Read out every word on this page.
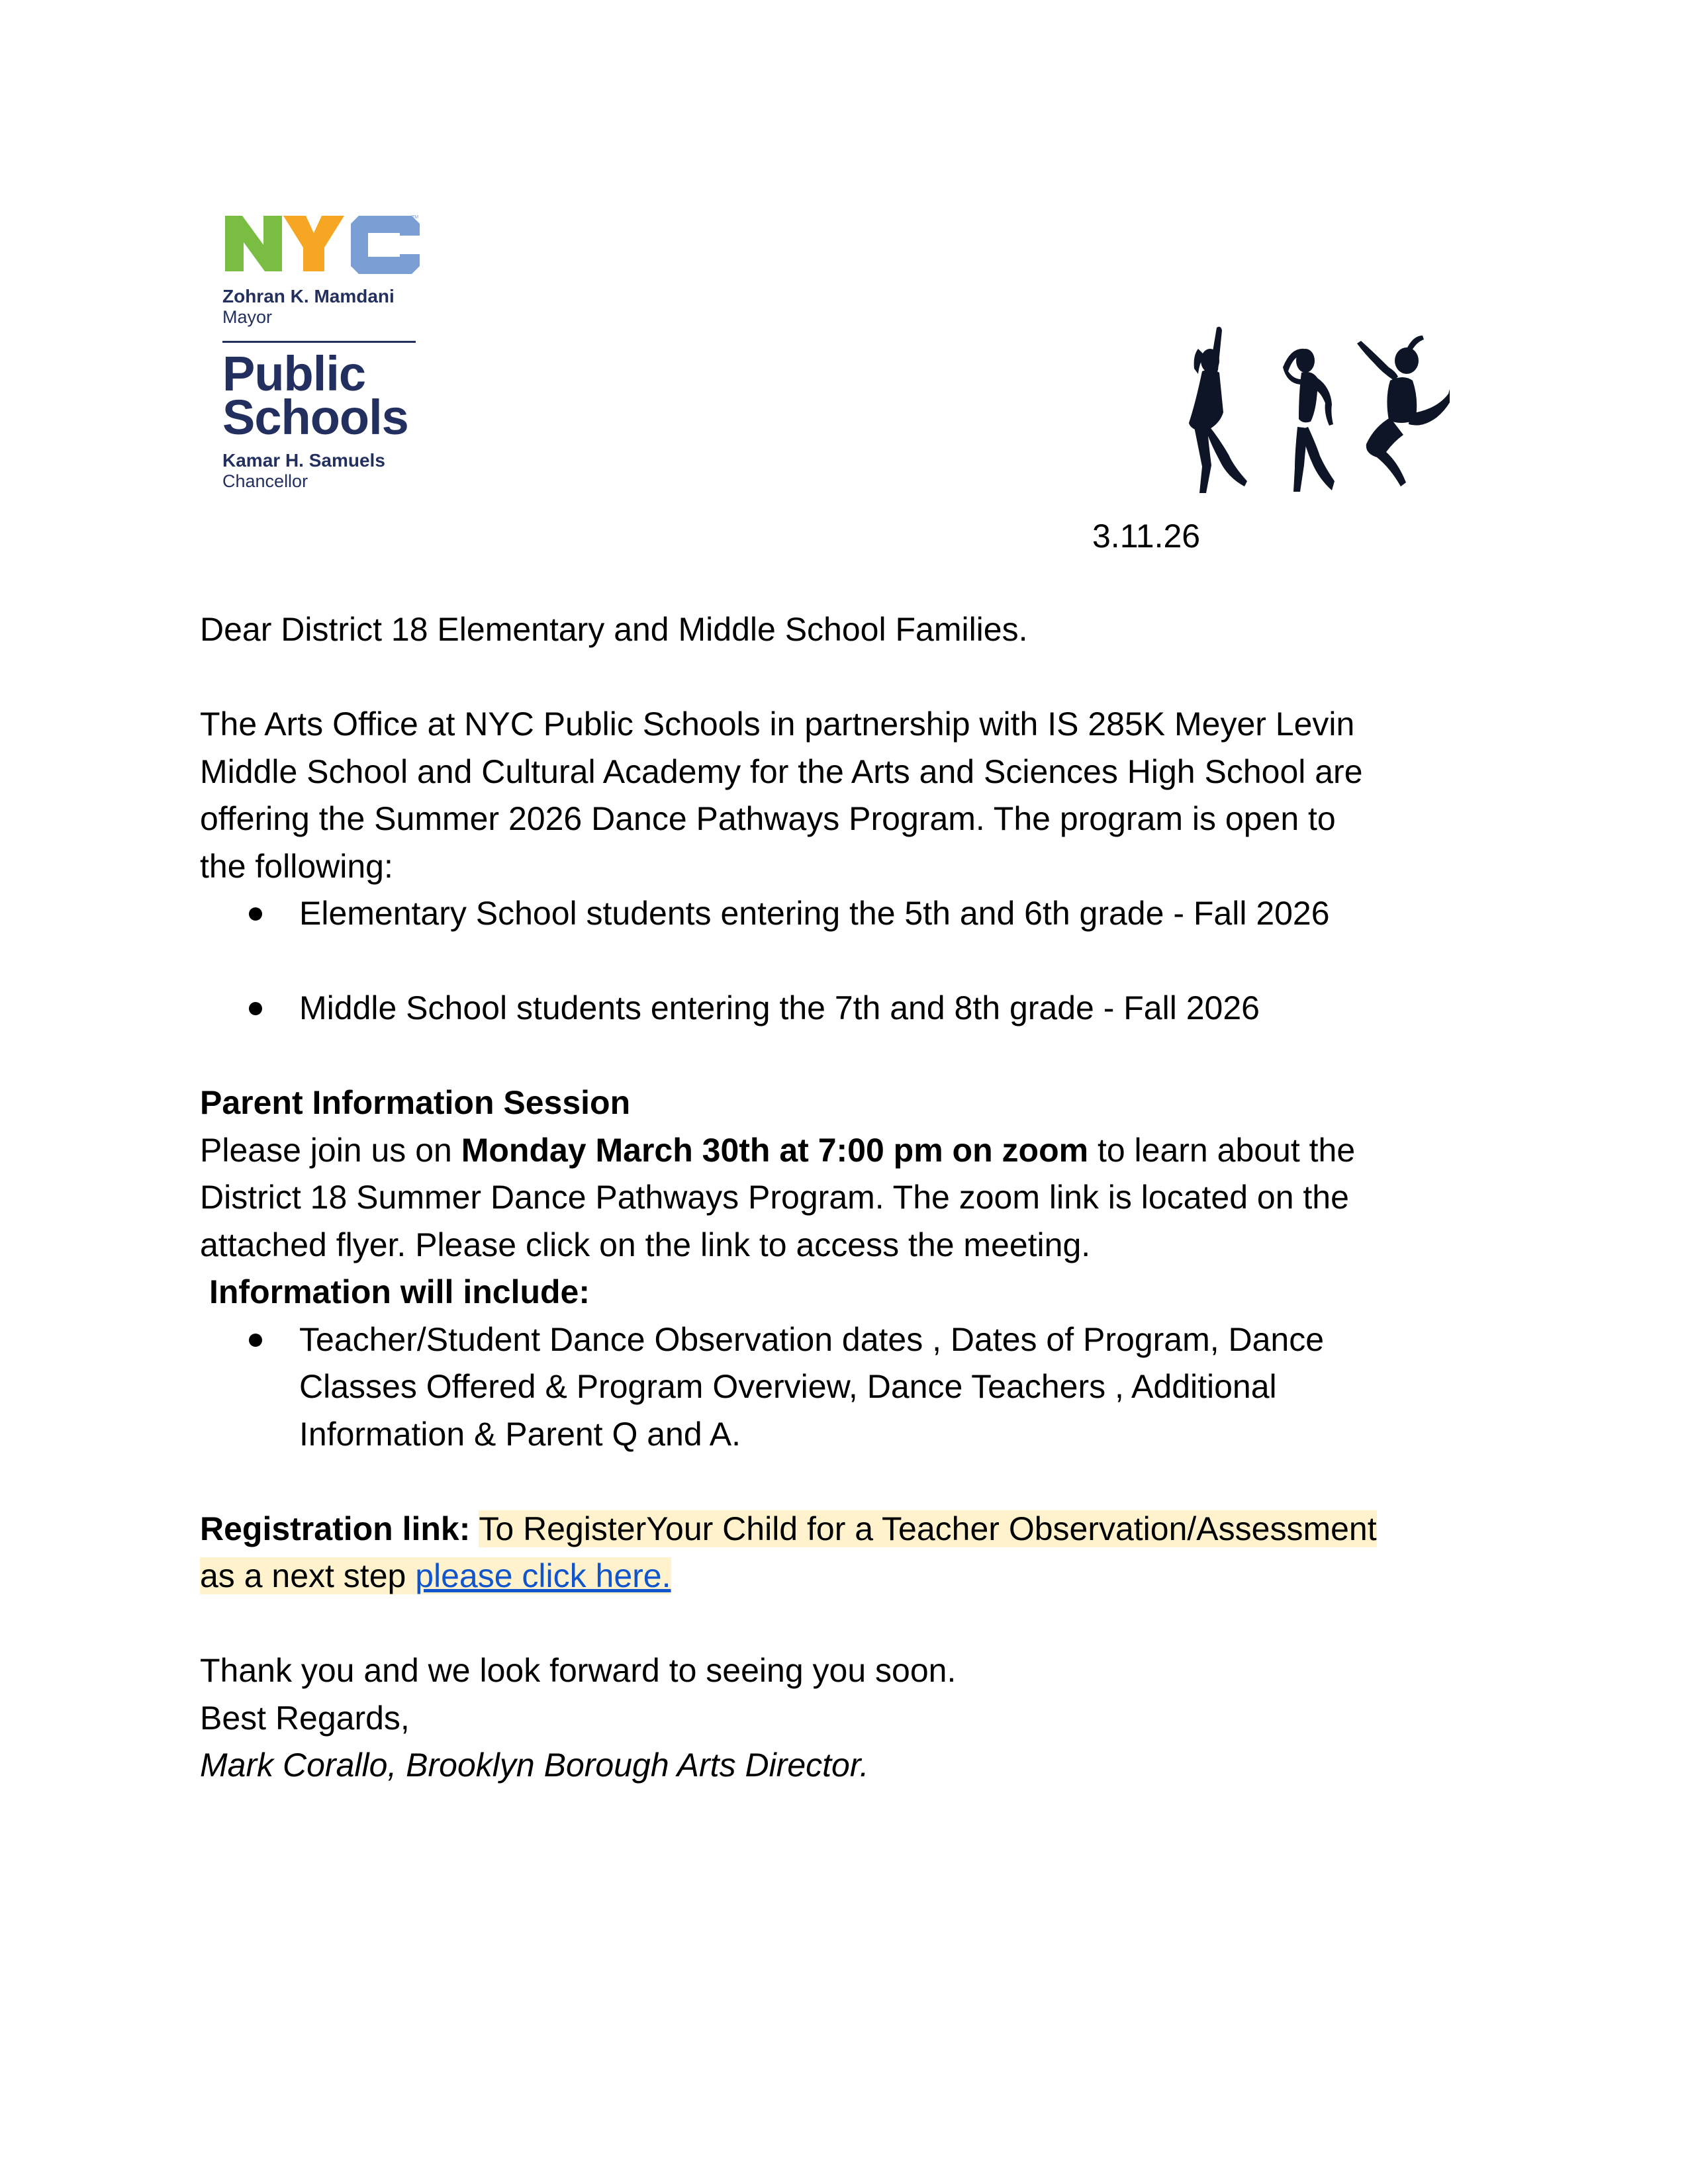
TM
Zohran K. Mamdani
Mayor
Public
Schools
Kamar H. Samuels
Chancellor
3.11.26

Dear District 18 Elementary and Middle School Families.

The Arts Office at NYC Public Schools in partnership with IS 285K Meyer Levin

Middle School and Cultural Academy for the Arts and Sciences High School are

offering the Summer 2026 Dance Pathways Program. The program is open to

the following:

Elementary School students entering the 5th and 6th grade - Fall 2026
Middle School students entering the 7th and 8th grade - Fall 2026

Parent Information Session

Please join us on Monday March 30th at 7:00 pm on zoom to learn about the

District 18 Summer Dance Pathways Program. The zoom link is located on the

attached flyer. Please click on the link to access the meeting.

Information will include:

Teacher/Student Dance Observation dates , Dates of Program, Dance
Classes Offered & Program Overview, Dance Teachers , Additional
Information & Parent Q and A.

Registration link: To RegisterYour Child for a Teacher Observation/Assessment

as a next step please click here.

Thank you and we look forward to seeing you soon.

Best Regards,

Mark Corallo, Brooklyn Borough Arts Director.
